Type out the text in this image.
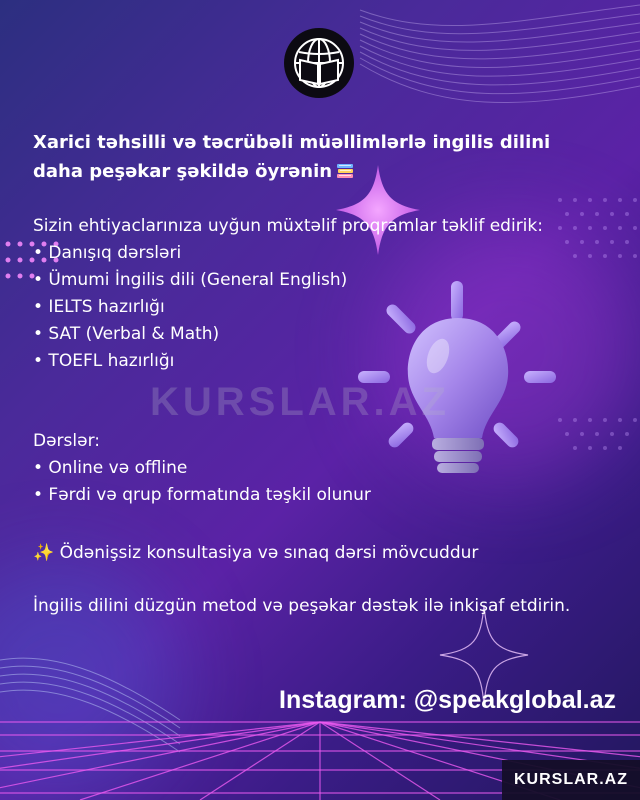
Xarici təhsilli və təcrübəli müəllimlərlə ingilis dilini
daha peşəkar şəkildə öyrənin
Sizin ehtiyaclarınıza uyğun müxtəlif proqramlar təklif edirik:
• Danışıq dərsləri
• Ümumi İngilis dili (General English)
• IELTS hazırlığı
• SAT (Verbal & Math)
• TOEFL hazırlığı
Dərslər:
• Online və offline
• Fərdi və qrup formatında təşkil olunur
✨ Ödənişsiz konsultasiya və sınaq dərsi mövcuddur
İngilis dilini düzgün metod və peşəkar dəstək ilə inkişaf etdirin.
KURSLAR.AZ
Instagram: @speakglobal.az
KURSLAR.AZ
